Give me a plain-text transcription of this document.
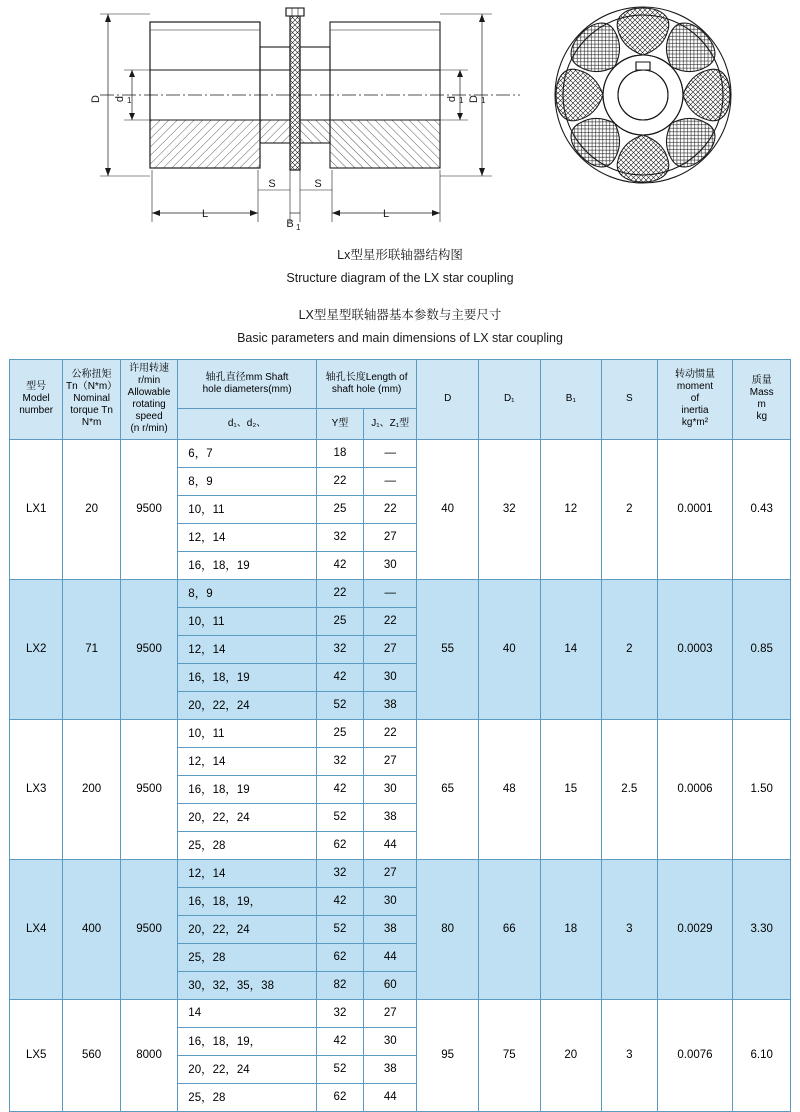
D d 1	d 1 D 1
L	L
S	S
B 1
Lx型星形联轴器结构图
Structure diagram of the LX star coupling
LX型星型联轴器基本参数与主要尺寸
Basic parameters and main dimensions of LX star coupling
型号
Model
number

公称扭矩
Tn（N*m）
Nominal
torque Tn
N*m

许用转速
r/min
Allowable
rotating
speed
(n r/min)

轴孔直径mm Shaft
hole diameters(mm)

轴孔长度Length of
shaft hole (mm)
	D	D₁	B₁	S	
转动惯量
moment
of
inertia
kg*m²

质量
Mass
m
kg

			d₁、d₂、	Y型	J₁、Z₁型						
LX1	20	9500	6，7	18	—	40	32	12	2	0.0001	0.43
			8，9	22	—						
			10，11	25	22						
			12，14	32	27						
			16，18，19	42	30						
LX2	71	9500	8，9	22	—	55	40	14	2	0.0003	0.85
			10，11	25	22						
			12，14	32	27						
			16，18，19	42	30						
			20，22，24	52	38						
LX3	200	9500	10，11	25	22	65	48	15	2.5	0.0006	1.50
			12，14	32	27						
			16，18，19	42	30						
			20，22，24	52	38						
			25，28	62	44						
LX4	400	9500	12，14	32	27	80	66	18	3	0.0029	3.30
			16，18，19，	42	30						
			20，22，24	52	38						
			25，28	62	44						
			30，32，35，38	82	60						
LX5	560	8000	14	32	27	95	75	20	3	0.0076	6.10
			16，18，19，	42	30						
			20，22，24	52	38						
			25，28	62	44						
